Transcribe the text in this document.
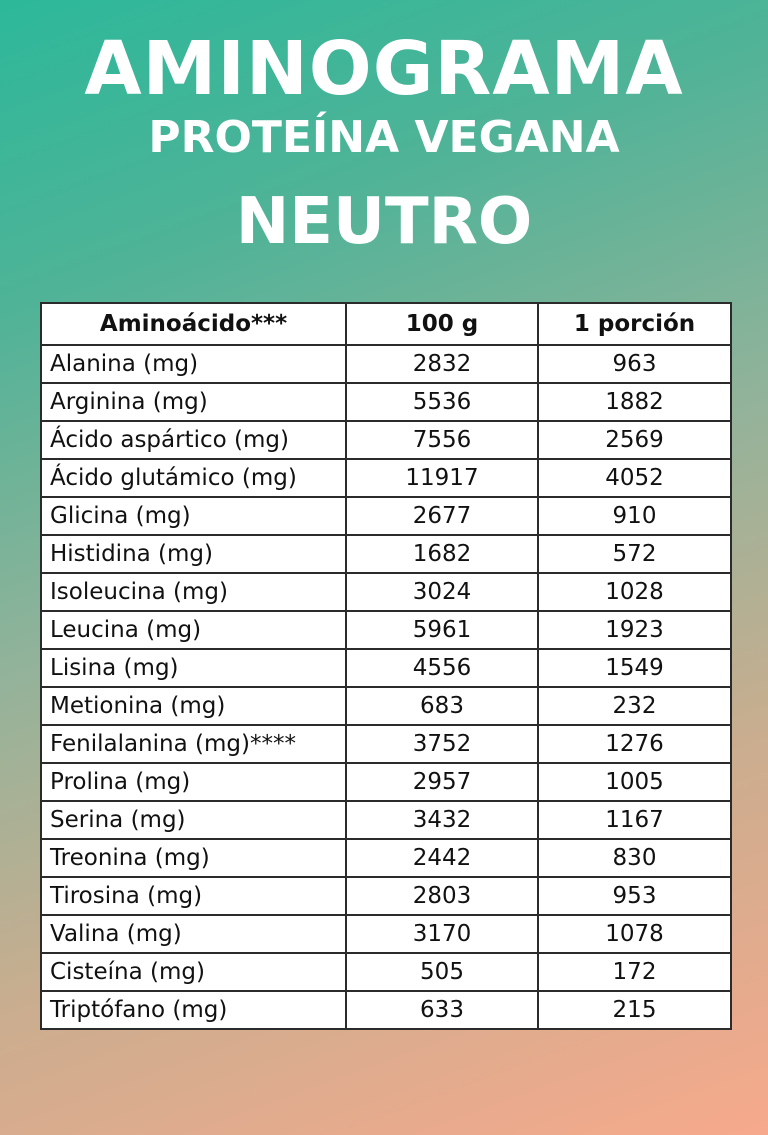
AMINOGRAMA
PROTEÍNA VEGANA
NEUTRO
Aminoácido***	100 g	1 porción
Alanina (mg)	2832	963
Arginina (mg)	5536	1882
Ácido aspártico (mg)	7556	2569
Ácido glutámico (mg)	11917	4052
Glicina (mg)	2677	910
Histidina (mg)	1682	572
Isoleucina (mg)	3024	1028
Leucina (mg)	5961	1923
Lisina (mg)	4556	1549
Metionina (mg)	683	232
Fenilalanina (mg)****	3752	1276
Prolina (mg)	2957	1005
Serina (mg)	3432	1167
Treonina (mg)	2442	830
Tirosina (mg)	2803	953
Valina (mg)	3170	1078
Cisteína (mg)	505	172
Triptófano (mg)	633	215
